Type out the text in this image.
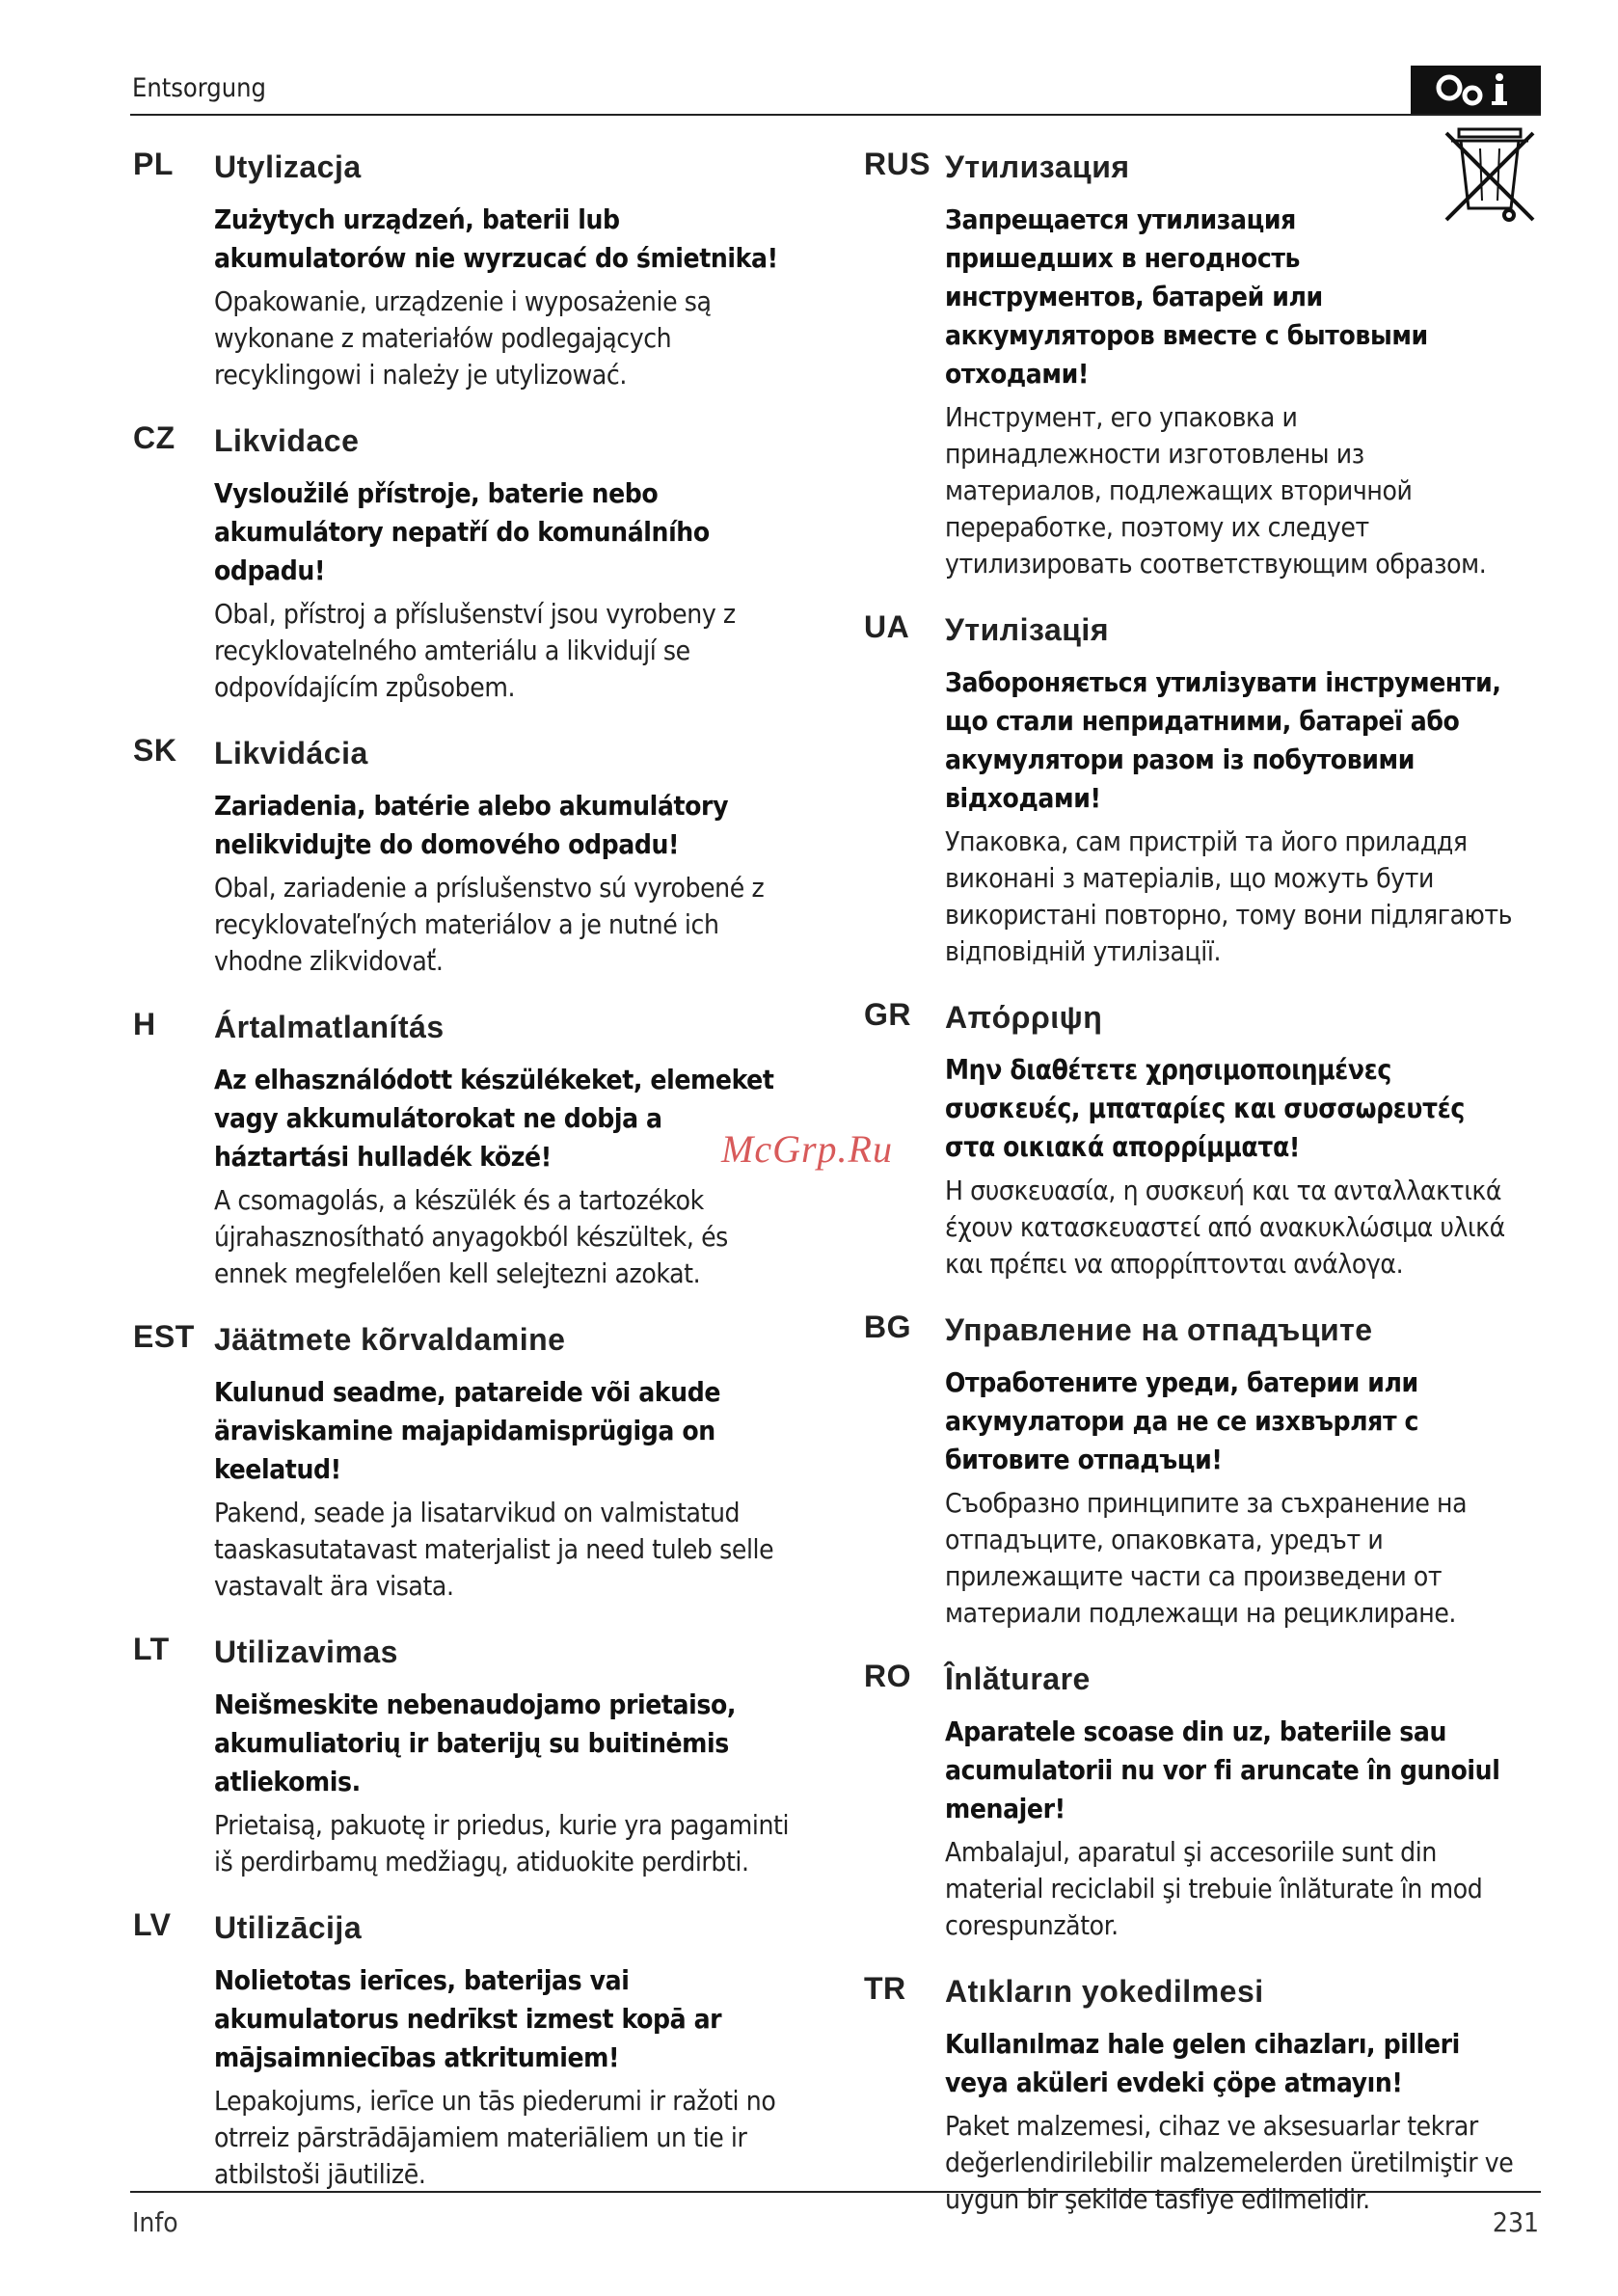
Entsorgung
PL Utylizacja
Zużytych urządzeń, baterii lub akumulatorów nie wyrzucać do śmietnika!
Opakowanie, urządzenie i wyposażenie są wykonane z materiałów podlegających recyklingowi i należy je utylizować.
CZ Likvidace
Vysloužilé přístroje, baterie nebo akumulátory nepatří do komunálního odpadu!
Obal, přístroj a příslušenství jsou vyrobeny z recyklovatelného amteriálu a likvidují se odpovídajícím způsobem.
SK Likvidácia
Zariadenia, batérie alebo akumulátory nelikvidujte do domového odpadu!
Obal, zariadenie a príslušenstvo sú vyrobené z recyklovateľných materiálov a je nutné ich vhodne zlikvidovať.
H Ártalmatlanítás
Az elhasználódott készülékeket, elemeket vagy akkumulátorokat ne dobja a háztartási hulladék közé!
A csomagolás, a készülék és a tartozékok újrahasznosítható anyagokból készültek, és ennek megfelelően kell selejtezni azokat.
EST Jäätmete kõrvaldamine
Kulunud seadme, patareide või akude äraviskamine majapidamisprügiga on keelatud!
Pakend, seade ja lisatarvikud on valmistatud taaskasutatavast materjalist ja need tuleb selle vastavalt ära visata.
LT Utilizavimas
Neišmeskite nebenaudojamo prietaiso, akumuliatorių ir baterijų su buitinėmis atliekomis.
Prietaisą, pakuotę ir priedus, kurie yra pagaminti iš perdirbamų medžiagų, atiduokite perdirbti.
LV Utilizācija
Nolietotas ierīces, baterijas vai akumulatorus nedrīkst izmest kopā ar mājsaimniecības atkritumiem!
Lepakojums, ierīce un tās piederumi ir ražoti no otrreiz pārstrādājamiem materiāliem un tie ir atbilstoši jāutilizē.
RUS Утилизация
Запрещается утилизация пришедших в негодность инструментов, батарей или аккумуляторов вместе с бытовыми отходами!
Инструмент, его упаковка и принадлежности изготовлены из материалов, подлежащих вторичной переработке, поэтому их следует утилизировать соответствующим образом.
UA Утилізація
Забороняється утилізувати інструменти, що стали непридатними, батареї або акумулятори разом із побутовими відходами!
Упаковка, сам пристрій та його приладдя виконані з матеріалів, що можуть бути використані повторно, тому вони підлягають відповідній утилізації.
GR Απόρριψη
Μην διαθέτετε χρησιμοποιημένες συσκευές, μπαταρίες και συσσωρευτές στα οικιακά απορρίμματα!
Η συσκευασία, η συσκευή και τα ανταλλακτικά έχουν κατασκευαστεί από ανακυκλώσιμα υλικά και πρέπει να απορρίπτονται ανάλογα.
BG Управление на отпадъците
Отработените уреди, батерии или акумулатори да не се изхвърлят с битовите отпадъци!
Съобразно принципите за съхранение на отпадъците, опаковката, уредът и прилежащите части са произведени от материали подлежащи на рециклиране.
RO Înlăturare
Aparatele scoase din uz, bateriile sau acumulatorii nu vor fi aruncate în gunoiul menajer!
Ambalajul, aparatul şi accesoriile sunt din material reciclabil şi trebuie înlăturate în mod corespunzător.
TR Atıkların yokedilmesi
Kullanılmaz hale gelen cihazları, pilleri veya aküleri evdeki çöpe atmayın!
Paket malzemesi, cihaz ve aksesuarlar tekrar değerlendirilebilir malzemelerden üretilmiştir ve uygun bir şekilde tasfiye edilmelidir.
McGrp.Ru
Info	231
